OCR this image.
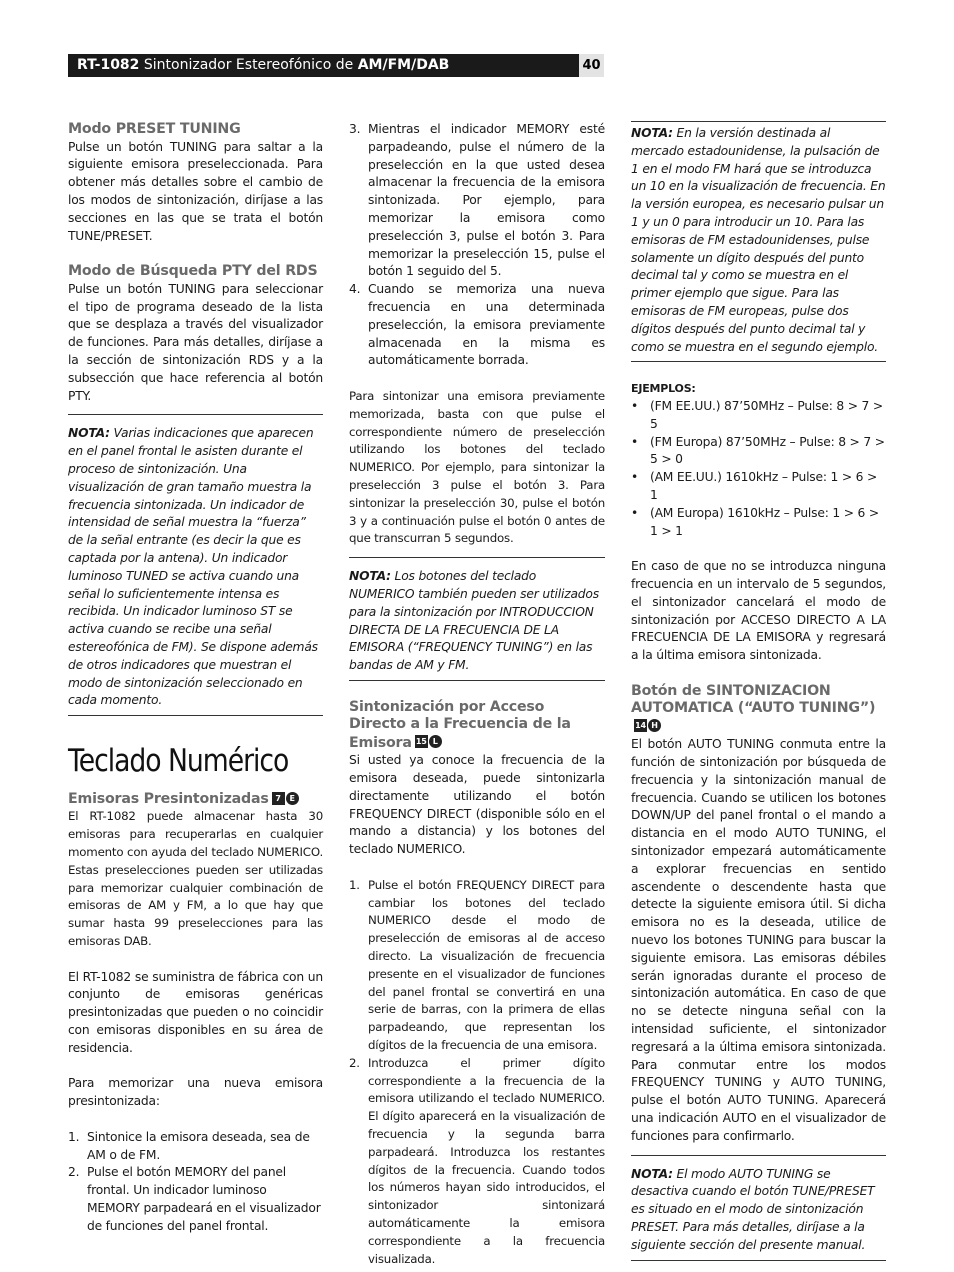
RT-1082 Sintonizador Estereofónico de AM/FM/DAB	40
Modo PRESET TUNING

Pulse un botón TUNING para saltar a la siguiente emisora preseleccionada. Para obtener más detalles sobre el cambio de los modos de sintonización, diríjase a las secciones en las que se trata el botón TUNE/PRESET.

Modo de Búsqueda PTY del RDS

Pulse un botón TUNING para seleccionar el tipo de programa deseado de la lista que se desplaza a través del visualizador de funciones. Para más detalles, diríjase a la sección de sintonización RDS y a la subsección que hace referencia al botón PTY.

NOTA: Varias indicaciones que aparecen en el panel frontal le asisten durante el proceso de sintonización. Una visualización de gran tamaño muestra la frecuencia sintonizada. Un indicador de intensidad de señal muestra la “fuerza” de la señal entrante (es decir la que es captada por la antena). Un indicador luminoso TUNED se activa cuando una señal lo suficientemente intensa es recibida. Un indicador luminoso ST se activa cuando se recibe una señal estereofónica de FM). Se dispone además de otros indicadores que muestran el modo de sintonización seleccionado en cada momento.
Teclado Numérico
Emisoras Presintonizadas 7 E

El RT-1082 puede almacenar hasta 30 emisoras para recuperarlas en cualquier momento con ayuda del teclado NUMERICO. Estas preselecciones pueden ser utilizadas para memorizar cualquier combinación de emisoras de AM y FM, a lo que hay que sumar hasta 99 preselecciones para las emisoras DAB.

El RT-1082 se suministra de fábrica con un conjunto de emisoras genéricas presintonizadas que pueden o no coincidir con emisoras disponibles en su área de residencia.

Para memorizar una nueva emisora presintonizada:

1. Sintonice la emisora deseada, sea de AM o de FM.
2. Pulse el botón MEMORY del panel frontal. Un indicador luminoso MEMORY parpadeará en el visualizador de funciones del panel frontal.
3. Mientras el indicador MEMORY esté parpadeando, pulse el número de la preselección en la que usted desea almacenar la frecuencia de la emisora sintonizada. Por ejemplo, para memorizar la emisora como preselección 3, pulse el botón 3. Para memorizar la preselección 15, pulse el botón 1 seguido del 5.
4. Cuando se memoriza una nueva frecuencia en una determinada preselección, la emisora previamente almacenada en la misma es automáticamente borrada.

Para sintonizar una emisora previamente memorizada, basta con que pulse el correspondiente número de preselección utilizando los botones del teclado NUMERICO. Por ejemplo, para sintonizar la preselección 3 pulse el botón 3. Para sintonizar la preselección 30, pulse el botón 3 y a continuación pulse el botón 0 antes de que transcurran 5 segundos.

NOTA: Los botones del teclado NUMERICO también pueden ser utilizados para la sintonización por INTRODUCCION DIRECTA DE LA FRECUENCIA DE LA EMISORA (“FREQUENCY TUNING”) en las bandas de AM y FM.
Sintonización por Acceso Directo a la Frecuencia de la Emisora 15 L

Si usted ya conoce la frecuencia de la emisora deseada, puede sintonizarla directamente utilizando el botón FREQUENCY DIRECT (disponible sólo en el mando a distancia) y los botones del teclado NUMERICO.

1. Pulse el botón FREQUENCY DIRECT para cambiar los botones del teclado NUMERICO desde el modo de preselección de emisoras al de acceso directo. La visualización de frecuencia presente en el visualizador de funciones del panel frontal se convertirá en una serie de barras, con la primera de ellas parpadeando, que representan los dígitos de la frecuencia de una emisora.
2. Introduzca el primer dígito correspondiente a la frecuencia de la emisora utilizando el teclado NUMERICO. El dígito aparecerá en la visualización de frecuencia y la segunda barra parpadeará. Introduzca los restantes dígitos de la frecuencia. Cuando todos los números hayan sido introducidos, el sintonizador sintonizará automáticamente la emisora correspondiente a la frecuencia visualizada.
NOTA: En la versión destinada al mercado estadounidense, la pulsación de 1 en el modo FM hará que se introduzca un 10 en la visualización de frecuencia. En la versión europea, es necesario pulsar un 1 y un 0 para introducir un 10. Para las emisoras de FM estadounidenses, pulse solamente un dígito después del punto decimal tal y como se muestra en el primer ejemplo que sigue. Para las emisoras de FM europeas, pulse dos dígitos después del punto decimal tal y como se muestra en el segundo ejemplo.

EJEMPLOS:

• (FM EE.UU.) 87’50MHz – Pulse: 8 > 7 > 5
• (FM Europa) 87’50MHz – Pulse: 8 > 7 > 5 > 0
• (AM EE.UU.) 1610kHz – Pulse: 1 > 6 > 1
• (AM Europa) 1610kHz – Pulse: 1 > 6 > 1 > 1

En caso de que no se introduzca ninguna frecuencia en un intervalo de 5 segundos, el sintonizador cancelará el modo de sintonización por ACCESO DIRECTO A LA FRECUENCIA DE LA EMISORA y regresará a la última emisora sintonizada.

Botón de SINTONIZACION AUTOMATICA (“AUTO TUNING”)14 H

El botón AUTO TUNING conmuta entre la función de sintonización por búsqueda de frecuencia y la sintonización manual de frecuencia. Cuando se utilicen los botones DOWN/UP del panel frontal o el mando a distancia en el modo AUTO TUNING, el sintonizador empezará automáticamente a explorar frecuencias en sentido ascendente o descendente hasta que detecte la siguiente emisora útil. Si dicha emisora no es la deseada, utilice de nuevo los botones TUNING para buscar la siguiente emisora. Las emisoras débiles serán ignoradas durante el proceso de sintonización automática. En caso de que no se detecte ninguna señal con la intensidad suficiente, el sintonizador regresará a la última emisora sintonizada. Para conmutar entre los modos FREQUENCY TUNING y AUTO TUNING, pulse el botón AUTO TUNING. Aparecerá una indicación AUTO en el visualizador de funciones para confirmarlo.

NOTA: El modo AUTO TUNING se desactiva cuando el botón TUNE/PRESET es situado en el modo de sintonización PRESET. Para más detalles, diríjase a la siguiente sección del presente manual.
